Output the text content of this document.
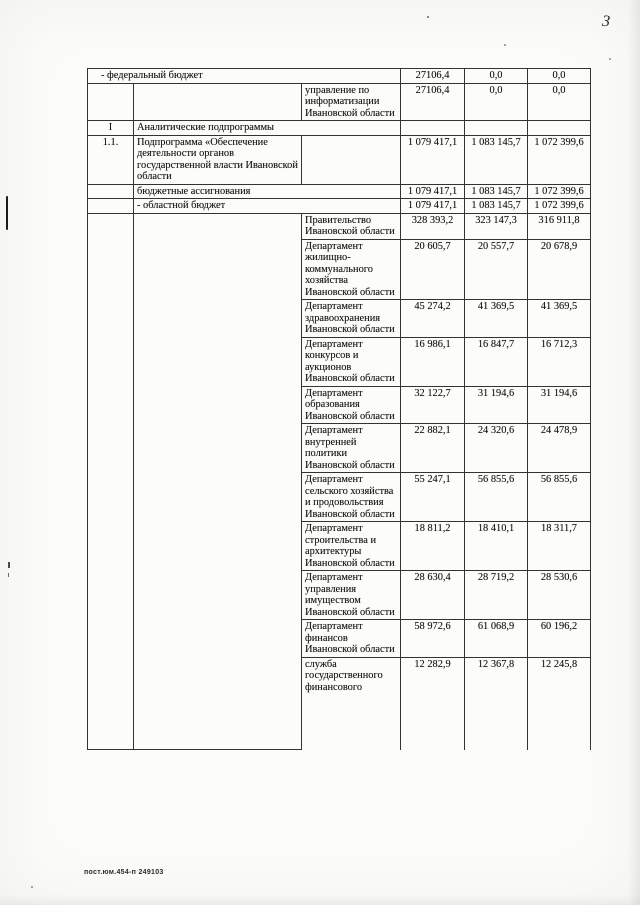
3
- федеральный бюджет			27106,4	0,0	0,0
		управление по информатизации Ивановской области	27106,4	0,0	0,0
I	Аналитические подпрограммы				
1.1.	Подпрограмма «Обеспечение деятельности органов государственной власти Ивановской области		1 079 417,1	1 083 145,7	1 072 399,6
	бюджетные ассигнования		1 079 417,1	1 083 145,7	1 072 399,6
	- областной бюджет		1 079 417,1	1 083 145,7	1 072 399,6
		Правительство Ивановской области	328 393,2	323 147,3	316 911,8
		Департамент жилищно-коммунального хозяйства Ивановской области	20 605,7	20 557,7	20 678,9
		Департамент здравоохранения Ивановской области	45 274,2	41 369,5	41 369,5
		Департамент конкурсов и аукционов Ивановской области	16 986,1	16 847,7	16 712,3
		Департамент образования Ивановской области	32 122,7	31 194,6	31 194,6
		Департамент внутренней политики Ивановской области	22 882,1	24 320,6	24 478,9
		Департамент сельского хозяйства и продовольствия Ивановской области	55 247,1	56 855,6	56 855,6
		Департамент строительства и архитектуры Ивановской области	18 811,2	18 410,1	18 311,7
		Департамент управления имуществом Ивановской области	28 630,4	28 719,2	28 530,6
		Департамент финансов Ивановской области	58 972,6	61 068,9	60 196,2
		служба государственного финансового	12 282,9	12 367,8	12 245,8
пост.юм.454-п 249103
